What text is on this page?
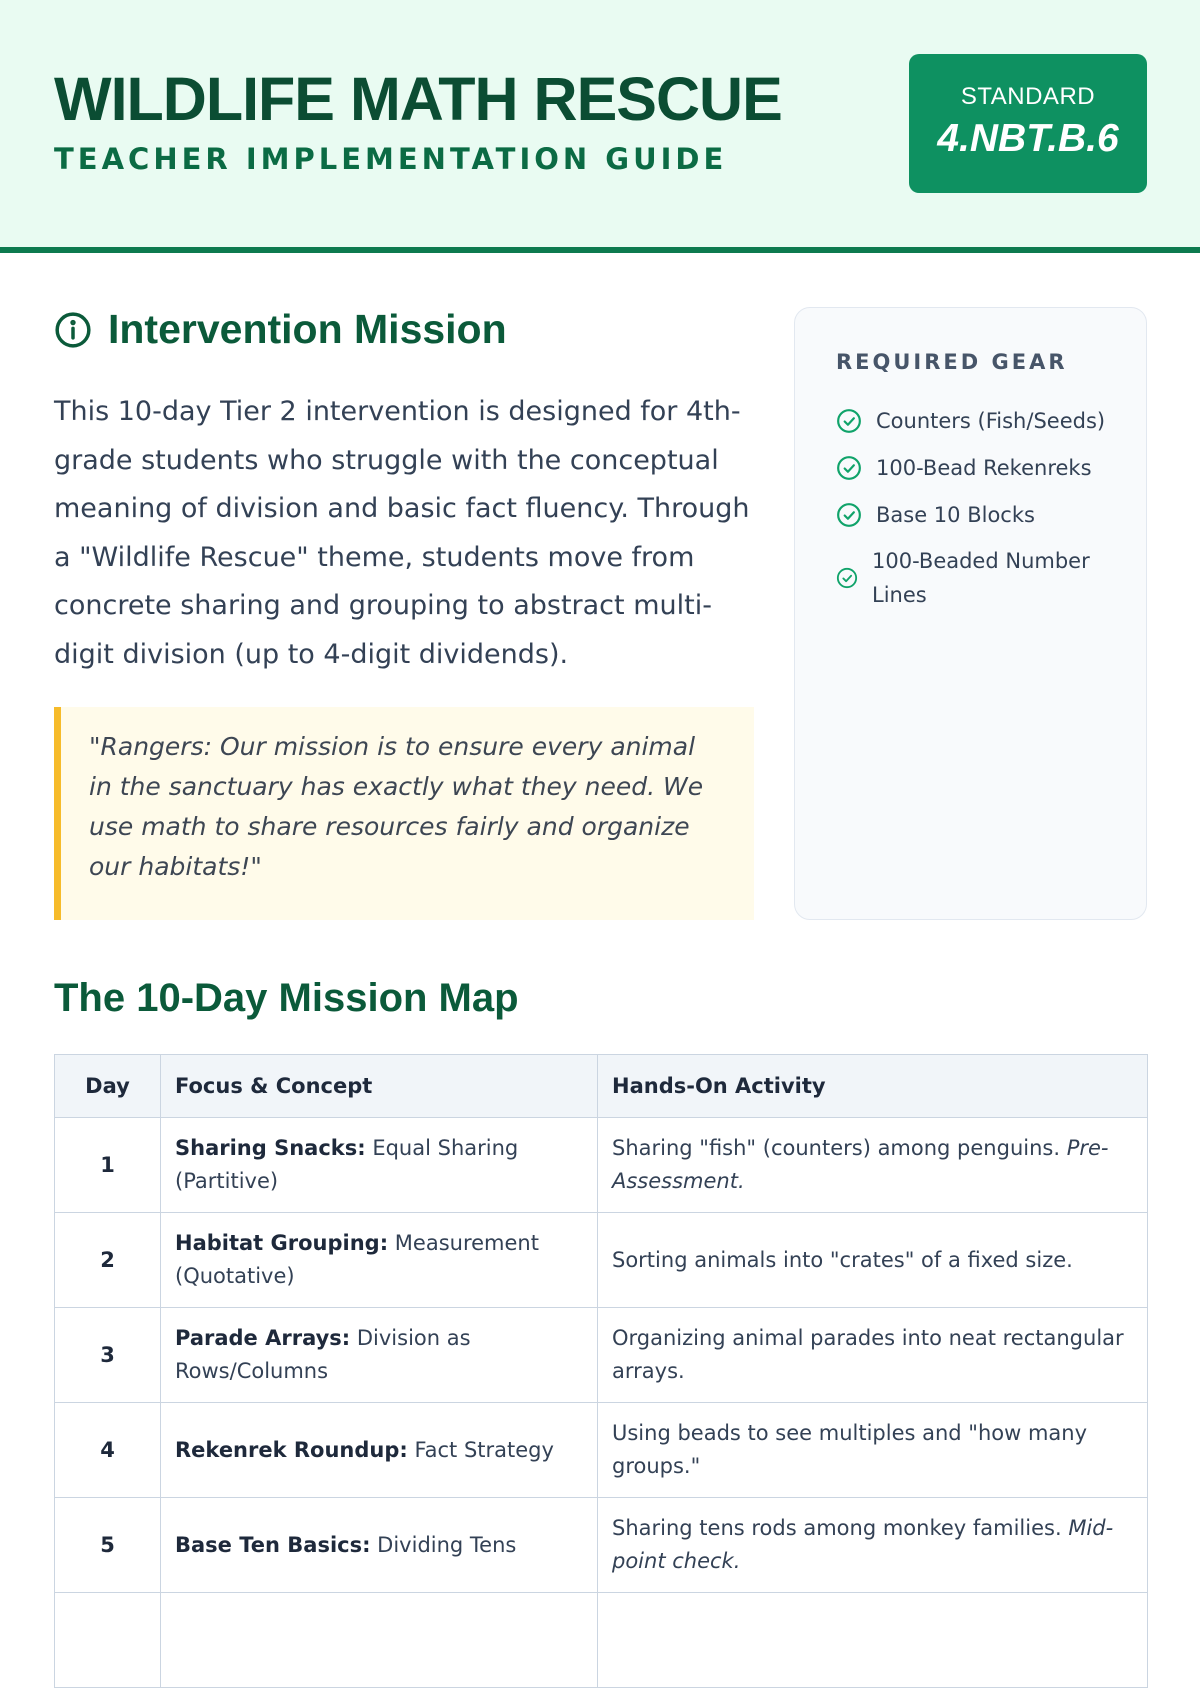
WILDLIFE MATH RESCUE
TEACHER IMPLEMENTATION GUIDE
STANDARD
4.NBT.B.6
Intervention Mission
This 10-day Tier 2 intervention is designed for 4th-grade students who struggle with the conceptual meaning of division and basic fact fluency. Through a "Wildlife Rescue" theme, students move from concrete sharing and grouping to abstract multi-digit division (up to 4-digit dividends).
"Rangers: Our mission is to ensure every animal in the sanctuary has exactly what they need. We use math to share resources fairly and organize our habitats!"
REQUIRED GEAR
Counters (Fish/Seeds)
100-Bead Rekenreks
Base 10 Blocks
100-Beaded Number Lines
The 10-Day Mission Map
Day	Focus & Concept	Hands-On Activity
1	Sharing Snacks: Equal Sharing (Partitive)	Sharing "fish" (counters) among penguins. Pre-Assessment.
2	Habitat Grouping: Measurement (Quotative)	Sorting animals into "crates" of a fixed size.
3	Parade Arrays: Division as Rows/Columns	Organizing animal parades into neat rectangular arrays.
4	Rekenrek Roundup: Fact Strategy	Using beads to see multiples and "how many groups."
5	Base Ten Basics: Dividing Tens	Sharing tens rods among monkey families. Mid-point check.
